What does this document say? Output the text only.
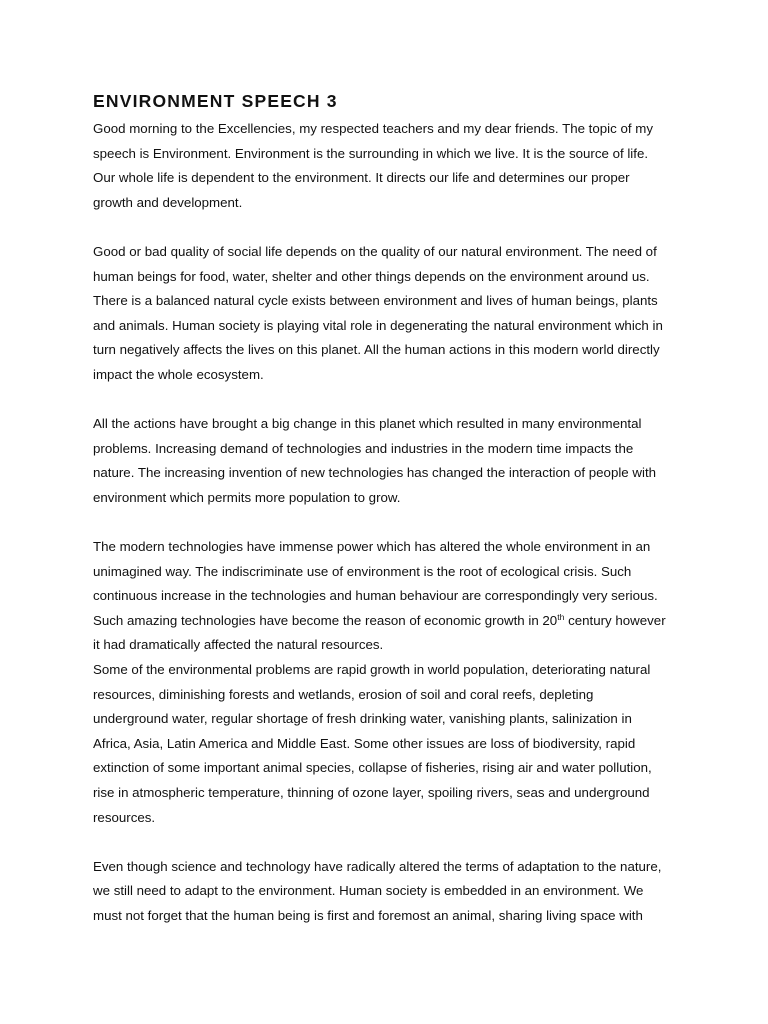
ENVIRONMENT SPEECH 3
Good morning to the Excellencies, my respected teachers and my dear friends. The topic of my
speech is Environment. Environment is the surrounding in which we live. It is the source of life.
Our whole life is dependent to the environment. It directs our life and determines our proper
growth and development.
Good or bad quality of social life depends on the quality of our natural environment. The need of
human beings for food, water, shelter and other things depends on the environment around us.
There is a balanced natural cycle exists between environment and lives of human beings, plants
and animals. Human society is playing vital role in degenerating the natural environment which in
turn negatively affects the lives on this planet. All the human actions in this modern world directly
impact the whole ecosystem.
All the actions have brought a big change in this planet which resulted in many environmental
problems. Increasing demand of technologies and industries in the modern time impacts the
nature. The increasing invention of new technologies has changed the interaction of people with
environment which permits more population to grow.
The modern technologies have immense power which has altered the whole environment in an
unimagined way. The indiscriminate use of environment is the root of ecological crisis. Such
continuous increase in the technologies and human behaviour are correspondingly very serious.
Such amazing technologies have become the reason of economic growth in 20th century however
it had dramatically affected the natural resources.
Some of the environmental problems are rapid growth in world population, deteriorating natural
resources, diminishing forests and wetlands, erosion of soil and coral reefs, depleting
underground water, regular shortage of fresh drinking water, vanishing plants, salinization in
Africa, Asia, Latin America and Middle East. Some other issues are loss of biodiversity, rapid
extinction of some important animal species, collapse of fisheries, rising air and water pollution,
rise in atmospheric temperature, thinning of ozone layer, spoiling rivers, seas and underground
resources.
Even though science and technology have radically altered the terms of adaptation to the nature,
we still need to adapt to the environment. Human society is embedded in an environment. We
must not forget that the human being is first and foremost an animal, sharing living space with
